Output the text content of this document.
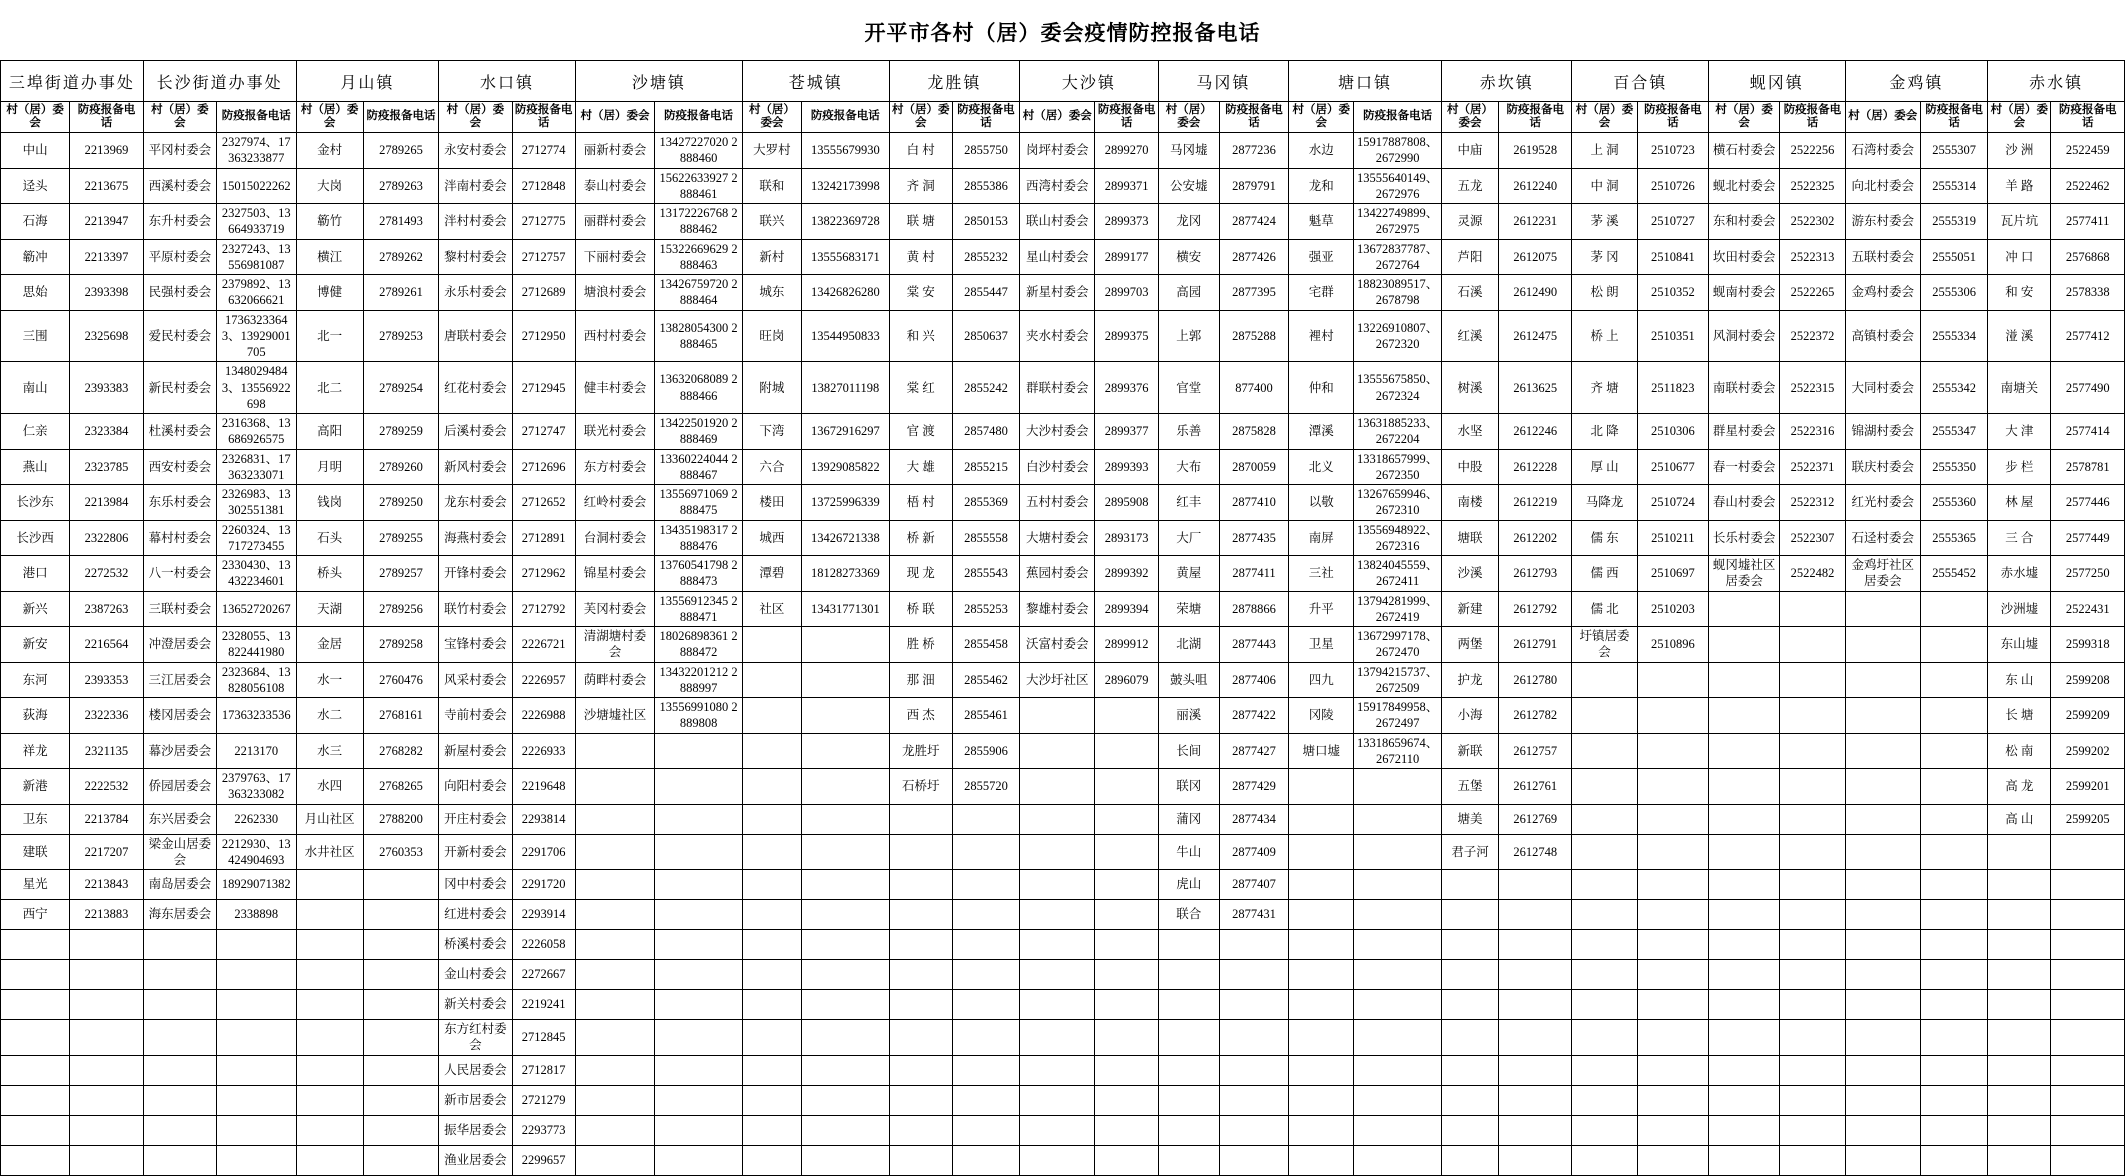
开平市各村（居）委会疫情防控报备电话
三埠街道办事处		长沙街道办事处		月山镇		水口镇		沙塘镇		苍城镇		龙胜镇		大沙镇		马冈镇		塘口镇		赤坎镇		百合镇		蚬冈镇		金鸡镇		赤水镇	
村（居）委会	防疫报备电话	村（居）委会	防疫报备电话	村（居）委会	防疫报备电话	村（居）委会	防疫报备电话	村（居）委会	防疫报备电话	村（居）委会	防疫报备电话	村（居）委会	防疫报备电话	村（居）委会	防疫报备电话	村（居）委会	防疫报备电话	村（居）委会	防疫报备电话	村（居）委会	防疫报备电话	村（居）委会	防疫报备电话	村（居）委会	防疫报备电话	村（居）委会	防疫报备电话	村（居）委会	防疫报备电话
中山	2213969	平冈村委会	2327974、17363233877	金村	2789265	永安村委会	2712774	丽新村委会	13427227020 2888460	大罗村	13555679930	白 村	2855750	岗坪村委会	2899270	马冈墟	2877236	水边	15917887808、2672990	中庙	2619528	上 洞	2510723	横石村委会	2522256	石湾村委会	2555307	沙 洲	2522459
迳头	2213675	西溪村委会	15015022262	大岗	2789263	泮南村委会	2712848	泰山村委会	15622633927 2888461	联和	13242173998	齐 洞	2855386	西湾村委会	2899371	公安墟	2879791	龙和	13555640149、2672976	五龙	2612240	中 洞	2510726	蚬北村委会	2522325	向北村委会	2555314	羊 路	2522462
石海	2213947	东升村委会	2327503、13664933719	簕竹	2781493	泮村村委会	2712775	丽群村委会	13172226768 2888462	联兴	13822369728	联 塘	2850153	联山村委会	2899373	龙冈	2877424	魁草	13422749899、2672975	灵源	2612231	茅 溪	2510727	东和村委会	2522302	游东村委会	2555319	瓦片坑	2577411
簕冲	2213397	平原村委会	2327243、13556981087	横江	2789262	黎村村委会	2712757	下丽村委会	15322669629 2888463	新村	13555683171	黄 村	2855232	星山村委会	2899177	横安	2877426	强亚	13672837787、2672764	芦阳	2612075	茅 冈	2510841	坎田村委会	2522313	五联村委会	2555051	冲 口	2576868
思始	2393398	民强村委会	2379892、13632066621	博健	2789261	永乐村委会	2712689	塘浪村委会	13426759720 2888464	城东	13426826280	棠 安	2855447	新星村委会	2899703	高园	2877395	宅群	18823089517、2678798	石溪	2612490	松 朗	2510352	蚬南村委会	2522265	金鸡村委会	2555306	和 安	2578338
三围	2325698	爱民村委会	17363233643、13929001705	北一	2789253	唐联村委会	2712950	西村村委会	13828054300 2888465	旺岗	13544950833	和 兴	2850637	夹水村委会	2899375	上郭	2875288	裡村	13226910807、2672320	红溪	2612475	桥 上	2510351	风洞村委会	2522372	高镇村委会	2555334	湴 溪	2577412
南山	2393383	新民村委会	13480294843、13556922698	北二	2789254	红花村委会	2712945	健丰村委会	13632068089 2888466	附城	13827011198	棠 红	2855242	群联村委会	2899376	官堂	877400	仲和	13555675850、2672324	树溪	2613625	齐 塘	2511823	南联村委会	2522315	大同村委会	2555342	南塘关	2577490
仁亲	2323384	杜溪村委会	2316368、13686926575	高阳	2789259	后溪村委会	2712747	联光村委会	13422501920 2888469	下湾	13672916297	官 渡	2857480	大沙村委会	2899377	乐善	2875828	潭溪	13631885233、2672204	水坚	2612246	北 降	2510306	群星村委会	2522316	锦湖村委会	2555347	大 津	2577414
燕山	2323785	西安村委会	2326831、17363233071	月明	2789260	新风村委会	2712696	东方村委会	13360224044 2888467	六合	13929085822	大 雄	2855215	白沙村委会	2899393	大布	2870059	北义	13318657999、2672350	中股	2612228	厚 山	2510677	春一村委会	2522371	联庆村委会	2555350	步 栏	2578781
长沙东	2213984	东乐村委会	2326983、13302551381	钱岗	2789250	龙东村委会	2712652	红岭村委会	13556971069 2888475	楼田	13725996339	梧 村	2855369	五村村委会	2895908	红丰	2877410	以敬	13267659946、2672310	南楼	2612219	马降龙	2510724	春山村委会	2522312	红光村委会	2555360	林 屋	2577446
长沙西	2322806	幕村村委会	2260324、13717273455	石头	2789255	海燕村委会	2712891	台洞村委会	13435198317 2888476	城西	13426721338	桥 新	2855558	大塘村委会	2893173	大厂	2877435	南屏	13556948922、2672316	塘联	2612202	儒 东	2510211	长乐村委会	2522307	石迳村委会	2555365	三 合	2577449
港口	2272532	八一村委会	2330430、13432234601	桥头	2789257	开锋村委会	2712962	锦星村委会	13760541798 2888473	潭碧	18128273369	现 龙	2855543	蕉园村委会	2899392	黄屋	2877411	三社	13824045559、2672411	沙溪	2612793	儒 西	2510697	蚬冈墟社区居委会	2522482	金鸡圩社区居委会	2555452	赤水墟	2577250
新兴	2387263	三联村委会	13652720267	天湖	2789256	联竹村委会	2712792	芙冈村委会	13556912345 2888471	社区	13431771301	桥 联	2855253	黎雄村委会	2899394	荣塘	2878866	升平	13794281999、2672419	新建	2612792	儒 北	2510203					沙洲墟	2522431
新安	2216564	冲澄居委会	2328055、13822441980	金居	2789258	宝锋村委会	2226721	清湖塘村委会	18026898361 2888472			胜 桥	2855458	沃富村委会	2899912	北湖	2877443	卫星	13672997178、2672470	两堡	2612791	圩镇居委会	2510896					东山墟	2599318
东河	2393353	三江居委会	2323684、13828056108	水一	2760476	风采村委会	2226957	荫畔村委会	13432201212 2888997			那 沺	2855462	大沙圩社区	2896079	皷头咀	2877406	四九	13794215737、2672509	护龙	2612780							东 山	2599208
荻海	2322336	楼冈居委会	17363233536	水二	2768161	寺前村委会	2226988	沙塘墟社区	13556991080 2889808			西 杰	2855461			丽溪	2877422	冈陵	15917849958、2672497	小海	2612782							长 塘	2599209
祥龙	2321135	幕沙居委会	2213170	水三	2768282	新屋村委会	2226933					龙胜圩	2855906			长间	2877427	塘口墟	13318659674、2672110	新联	2612757							松 南	2599202
新港	2222532	侨园居委会	2379763、17363233082	水四	2768265	向阳村委会	2219648					石桥圩	2855720			联冈	2877429			五堡	2612761							高 龙	2599201
卫东	2213784	东兴居委会	2262330	月山社区	2788200	开庄村委会	2293814									蒲冈	2877434			塘美	2612769							高 山	2599205
建联	2217207	梁金山居委会	2212930、13424904693	水井社区	2760353	开新村委会	2291706									牛山	2877409			君子河	2612748								
星光	2213843	南岛居委会	18929071382			冈中村委会	2291720									虎山	2877407												
西宁	2213883	海东居委会	2338898			红进村委会	2293914									联合	2877431												
						桥溪村委会	2226058																						
						金山村委会	2272667																						
						新关村委会	2219241																						
						东方红村委会	2712845																						
						人民居委会	2712817																						
						新市居委会	2721279																						
						振华居委会	2293773																						
						渔业居委会	2299657																						
